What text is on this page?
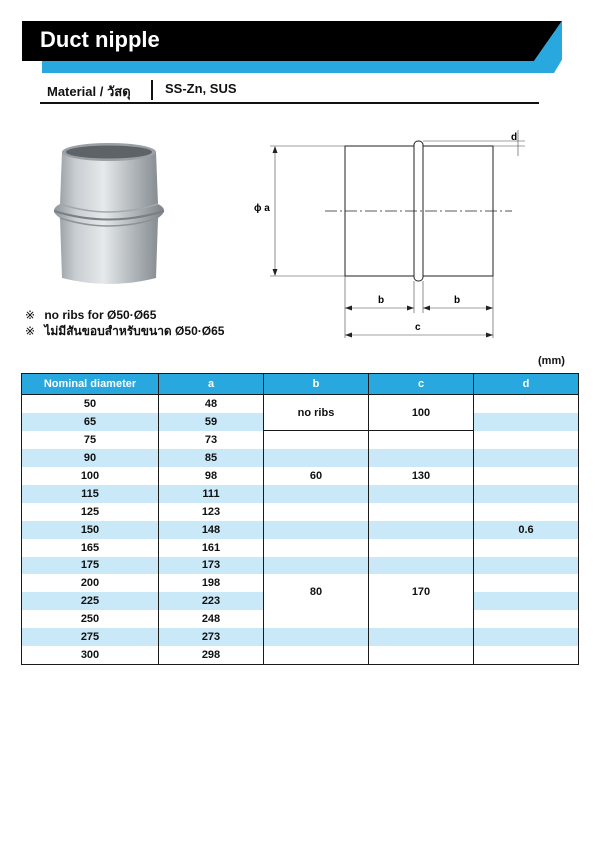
Duct nipple
Material / วัสดุ	SS-Zn, SUS
※ no ribs for Ø50·Ø65
※ ไม่มีสันขอบสำหรับขนาด Ø50·Ø65
ϕ a
d
b	b
c
(mm)
Nominal diameter	a	b	c	d
50	48	no ribs	100	
65	59			
75	73			
90	85			
100	98	60	130	
115	111			
125	123			
150	148			0.6
165	161			
175	173			
200	198	80	170	
225	223			
250	248			
275	273			
300	298			
